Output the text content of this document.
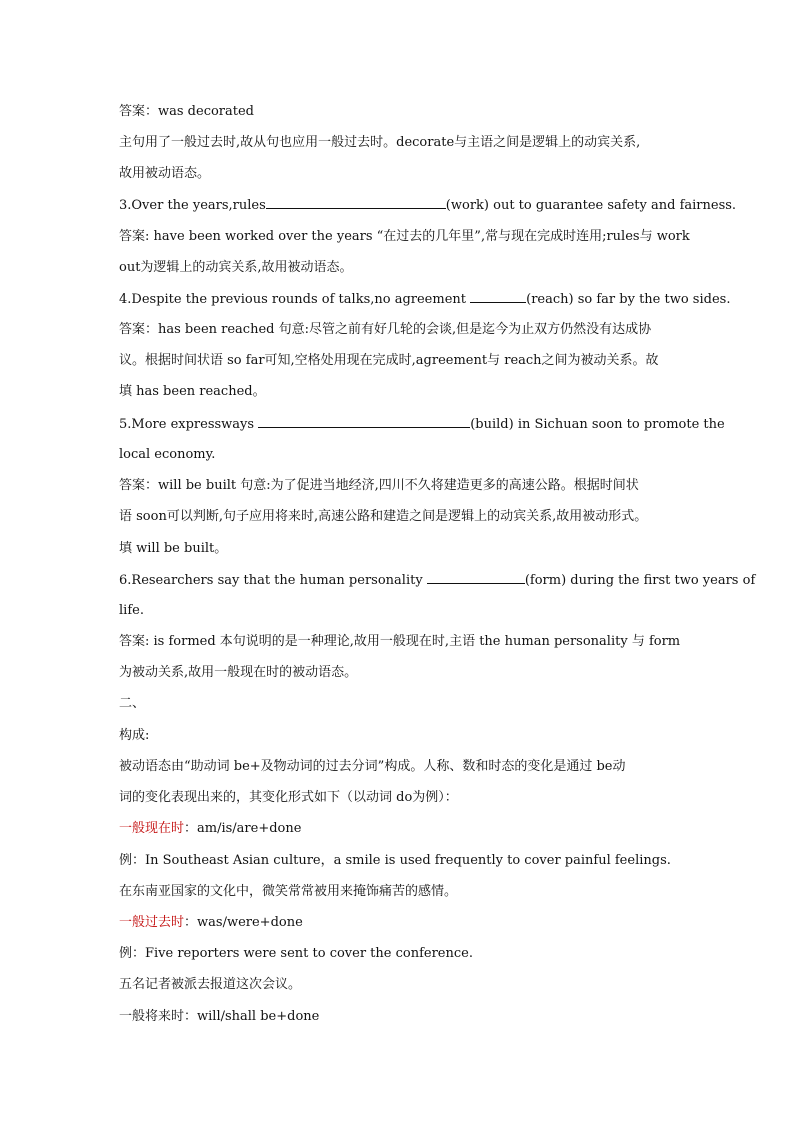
答案：was decorated
主句用了一般过去时,故从句也应用一般过去时。decorate与主语之间是逻辑上的动宾关系,
故用被动语态。
3.Over the years,rules	(work) out to guarantee safety and fairness.
答案: have been worked over the years “在过去的几年里”,常与现在完成时连用;rules与 work
out为逻辑上的动宾关系,故用被动语态。
4.Despite the previous rounds of talks,no agreement	(reach) so far by the two sides.
答案：has been reached 句意:尽管之前有好几轮的会谈,但是迄今为止双方仍然没有达成协
议。根据时间状语 so far可知,空格处用现在完成时,agreement与 reach之间为被动关系。故
填 has been reached。
5.More expressways	(build) in Sichuan soon to promote the
local economy.
答案：will be built 句意:为了促进当地经济,四川不久将建造更多的高速公路。根据时间状
语 soon可以判断,句子应用将来时,高速公路和建造之间是逻辑上的动宾关系,故用被动形式。
填 will be built。
6.Researchers say that the human personality	(form) during the first two years of
life.
答案: is formed 本句说明的是一种理论,故用一般现在时,主语 the human personality 与 form
为被动关系,故用一般现在时的被动语态。
二、
构成:
被动语态由“助动词 be+及物动词的过去分词”构成。人称、数和时态的变化是通过 be动
词的变化表现出来的，其变化形式如下（以动词 do为例）：
一般现在时：am/is/are+done
例：In Southeast Asian culture，a smile is used frequently to cover painful feelings.
在东南亚国家的文化中，微笑常常被用来掩饰痛苦的感情。
一般过去时：was/were+done
例：Five reporters were sent to cover the conference.
五名记者被派去报道这次会议。
一般将来时：will/shall be+done
